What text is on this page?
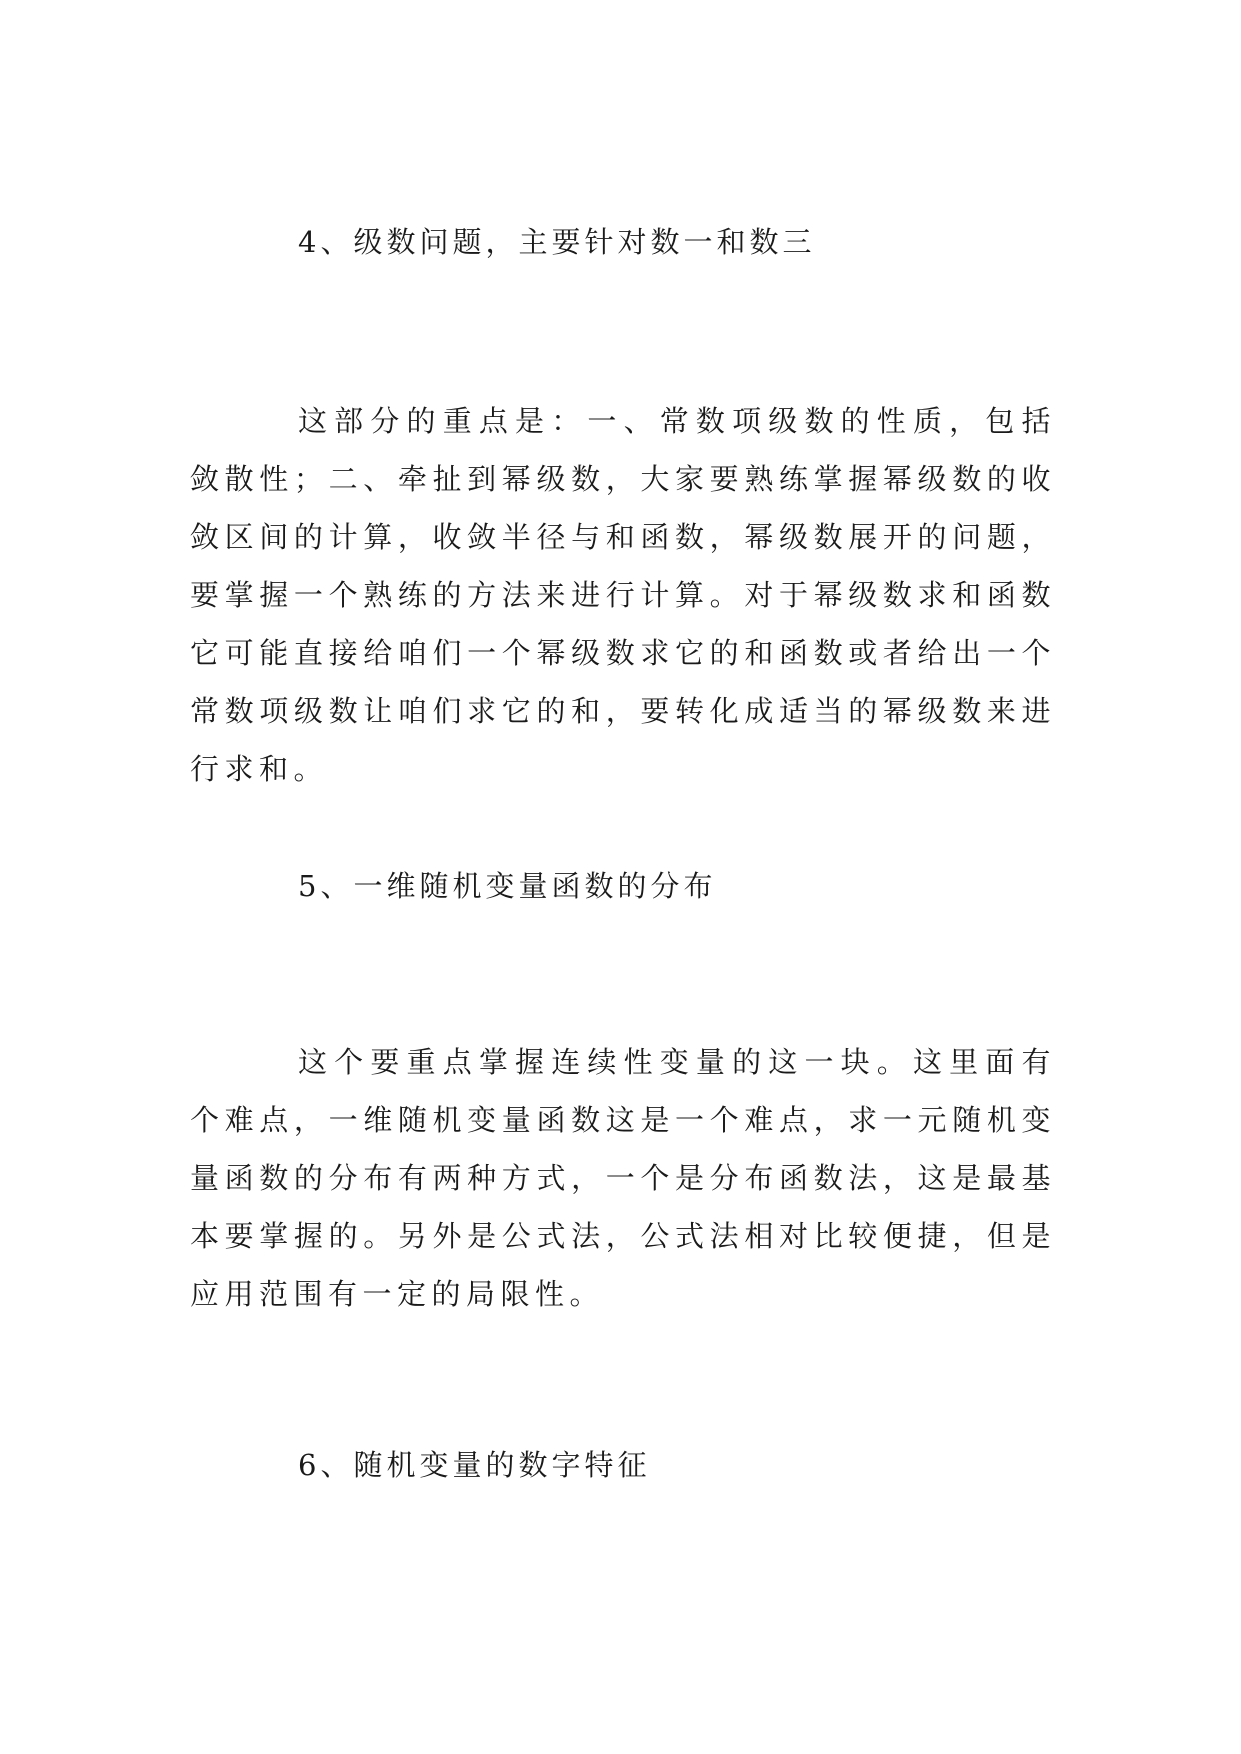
4、级数问题，主要针对数一和数三
这部分的重点是：一、常数项级数的性质，包括敛散性；二、牵扯到幂级数，大家要熟练掌握幂级数的收敛区间的计算，收敛半径与和函数，幂级数展开的问题，要掌握一个熟练的方法来进行计算。对于幂级数求和函数它可能直接给咱们一个幂级数求它的和函数或者给出一个常数项级数让咱们求它的和，要转化成适当的幂级数来进行求和。
5、一维随机变量函数的分布
这个要重点掌握连续性变量的这一块。这里面有个难点，一维随机变量函数这是一个难点，求一元随机变量函数的分布有两种方式，一个是分布函数法，这是最基本要掌握的。另外是公式法，公式法相对比较便捷，但是应用范围有一定的局限性。
6、随机变量的数字特征
